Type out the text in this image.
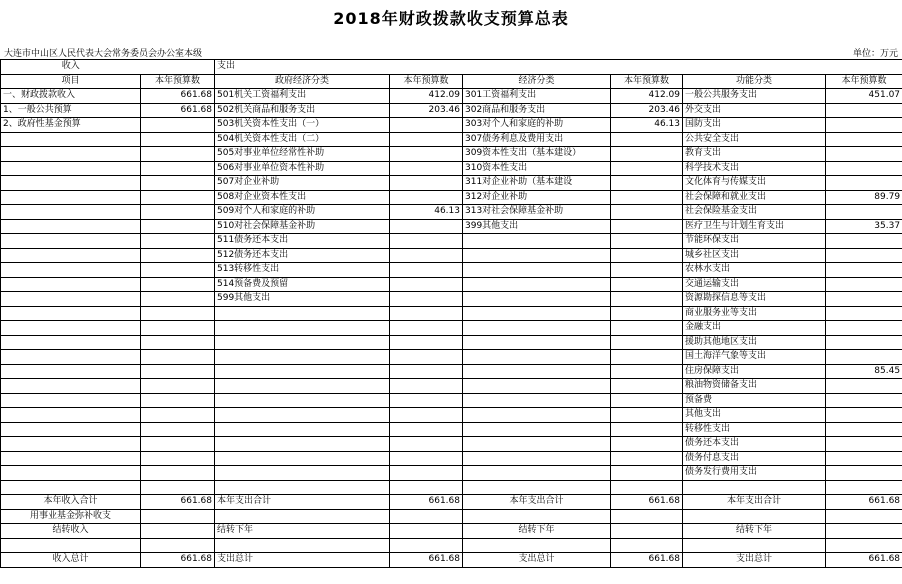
2018年财政拨款收支预算总表
大连市中山区人民代表大会常务委员会办公室本级	单位：万元
收入		支出					
项目	本年预算数	政府经济分类	本年预算数	经济分类	本年预算数	功能分类	本年预算数
一、财政拨款收入	661.68	501机关工资福利支出	412.09	301工资福利支出	412.09	一般公共服务支出	451.07
1、一般公共预算	661.68	502机关商品和服务支出	203.46	302商品和服务支出	203.46	外交支出	
2、政府性基金预算		503机关资本性支出（一）		303对个人和家庭的补助	46.13	国防支出	
		504机关资本性支出（二）		307债务利息及费用支出		公共安全支出	
		505对事业单位经常性补助		309资本性支出（基本建设）		教育支出	
		506对事业单位资本性补助		310资本性支出		科学技术支出	
		507对企业补助		311对企业补助（基本建设		文化体育与传媒支出	
		508对企业资本性支出		312对企业补助		社会保障和就业支出	89.79
		509对个人和家庭的补助	46.13	313对社会保障基金补助		社会保险基金支出	
		510对社会保障基金补助		399其他支出		医疗卫生与计划生育支出	35.37
		511债务还本支出				节能环保支出	
		512债务还本支出				城乡社区支出	
		513转移性支出				农林水支出	
		514预备费及预留				交通运输支出	
		599其他支出				资源勘探信息等支出	
						商业服务业等支出	
						金融支出	
						援助其他地区支出	
						国土海洋气象等支出	
						住房保障支出	85.45
						粮油物资储备支出	
						预备费	
						其他支出	
						转移性支出	
						债务还本支出	
						债务付息支出	
						债务发行费用支出	

本年收入合计	661.68	本年支出合计	661.68	本年支出合计	661.68	本年支出合计	661.68
用事业基金弥补收支							
结转收入		结转下年		结转下年		结转下年	

收入总计	661.68	支出总计	661.68	支出总计	661.68	支出总计	661.68
